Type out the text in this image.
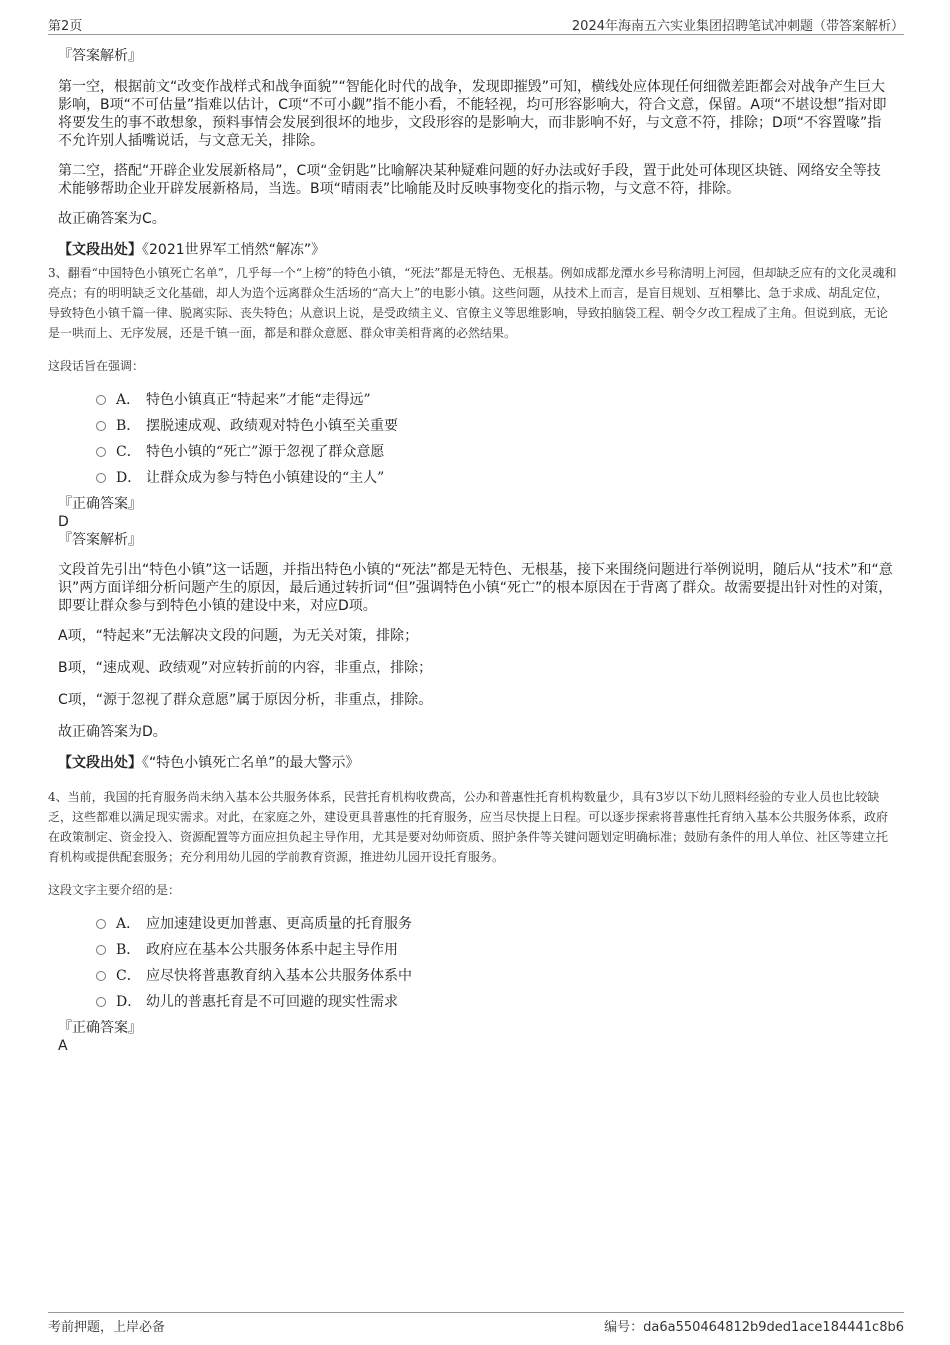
第2页	2024年海南五六实业集团招聘笔试冲刺题（带答案解析）
『答案解析』
第一空，根据前文“改变作战样式和战争面貌”“智能化时代的战争，发现即摧毁”可知，横线处应体现任何细微差距都会对战争产生巨大影响，B项“不可估量”指难以估计，C项“不可小觑”指不能小看，不能轻视，均可形容影响大，符合文意，保留。A项“不堪设想”指对即将要发生的事不敢想象，预料事情会发展到很坏的地步，文段形容的是影响大，而非影响不好，与文意不符，排除；D项“不容置喙”指不允许别人插嘴说话，与文意无关，排除。
第二空，搭配“开辟企业发展新格局”，C项“金钥匙”比喻解决某种疑难问题的好办法或好手段，置于此处可体现区块链、网络安全等技术能够帮助企业开辟发展新格局，当选。B项“晴雨表”比喻能及时反映事物变化的指示物，与文意不符，排除。
故正确答案为C。
【文段出处】《2021世界军工悄然“解冻”》
3、翻看“中国特色小镇死亡名单”，几乎每一个“上榜”的特色小镇，“死法”都是无特色、无根基。例如成都龙潭水乡号称清明上河园，但却缺乏应有的文化灵魂和亮点；有的明明缺乏文化基础，却人为造个远离群众生活场的“高大上”的电影小镇。这些问题，从技术上而言，是盲目规划、互相攀比、急于求成、胡乱定位，导致特色小镇千篇一律、脱离实际、丧失特色；从意识上说，是受政绩主义、官僚主义等思维影响，导致拍脑袋工程、朝令夕改工程成了主角。但说到底，无论是一哄而上、无序发展，还是千镇一面，都是和群众意愿、群众审美相背离的必然结果。
这段话旨在强调：
A． 特色小镇真正“特起来”才能“走得远”
B． 摆脱速成观、政绩观对特色小镇至关重要
C． 特色小镇的“死亡”源于忽视了群众意愿
D． 让群众成为参与特色小镇建设的“主人”
『正确答案』
D
『答案解析』
文段首先引出“特色小镇”这一话题，并指出特色小镇的“死法”都是无特色、无根基，接下来围绕问题进行举例说明，随后从“技术”和“意识”两方面详细分析问题产生的原因，最后通过转折词“但”强调特色小镇“死亡”的根本原因在于背离了群众。故需要提出针对性的对策，即要让群众参与到特色小镇的建设中来，对应D项。
A项，“特起来”无法解决文段的问题，为无关对策，排除；
B项，“速成观、政绩观”对应转折前的内容，非重点，排除；
C项，“源于忽视了群众意愿”属于原因分析，非重点，排除。
故正确答案为D。
【文段出处】《“特色小镇死亡名单”的最大警示》
4、当前，我国的托育服务尚未纳入基本公共服务体系，民营托育机构收费高，公办和普惠性托育机构数量少，具有3岁以下幼儿照料经验的专业人员也比较缺乏，这些都难以满足现实需求。对此，在家庭之外，建设更具普惠性的托育服务，应当尽快提上日程。可以逐步探索将普惠性托育纳入基本公共服务体系，政府在政策制定、资金投入、资源配置等方面应担负起主导作用，尤其是要对幼师资质、照护条件等关键问题划定明确标准；鼓励有条件的用人单位、社区等建立托育机构或提供配套服务；充分利用幼儿园的学前教育资源，推进幼儿园开设托育服务。
这段文字主要介绍的是：
A． 应加速建设更加普惠、更高质量的托育服务
B． 政府应在基本公共服务体系中起主导作用
C． 应尽快将普惠教育纳入基本公共服务体系中
D． 幼儿的普惠托育是不可回避的现实性需求
『正确答案』
A
考前押题，上岸必备	编号：da6a550464812b9ded1ace184441c8b6
